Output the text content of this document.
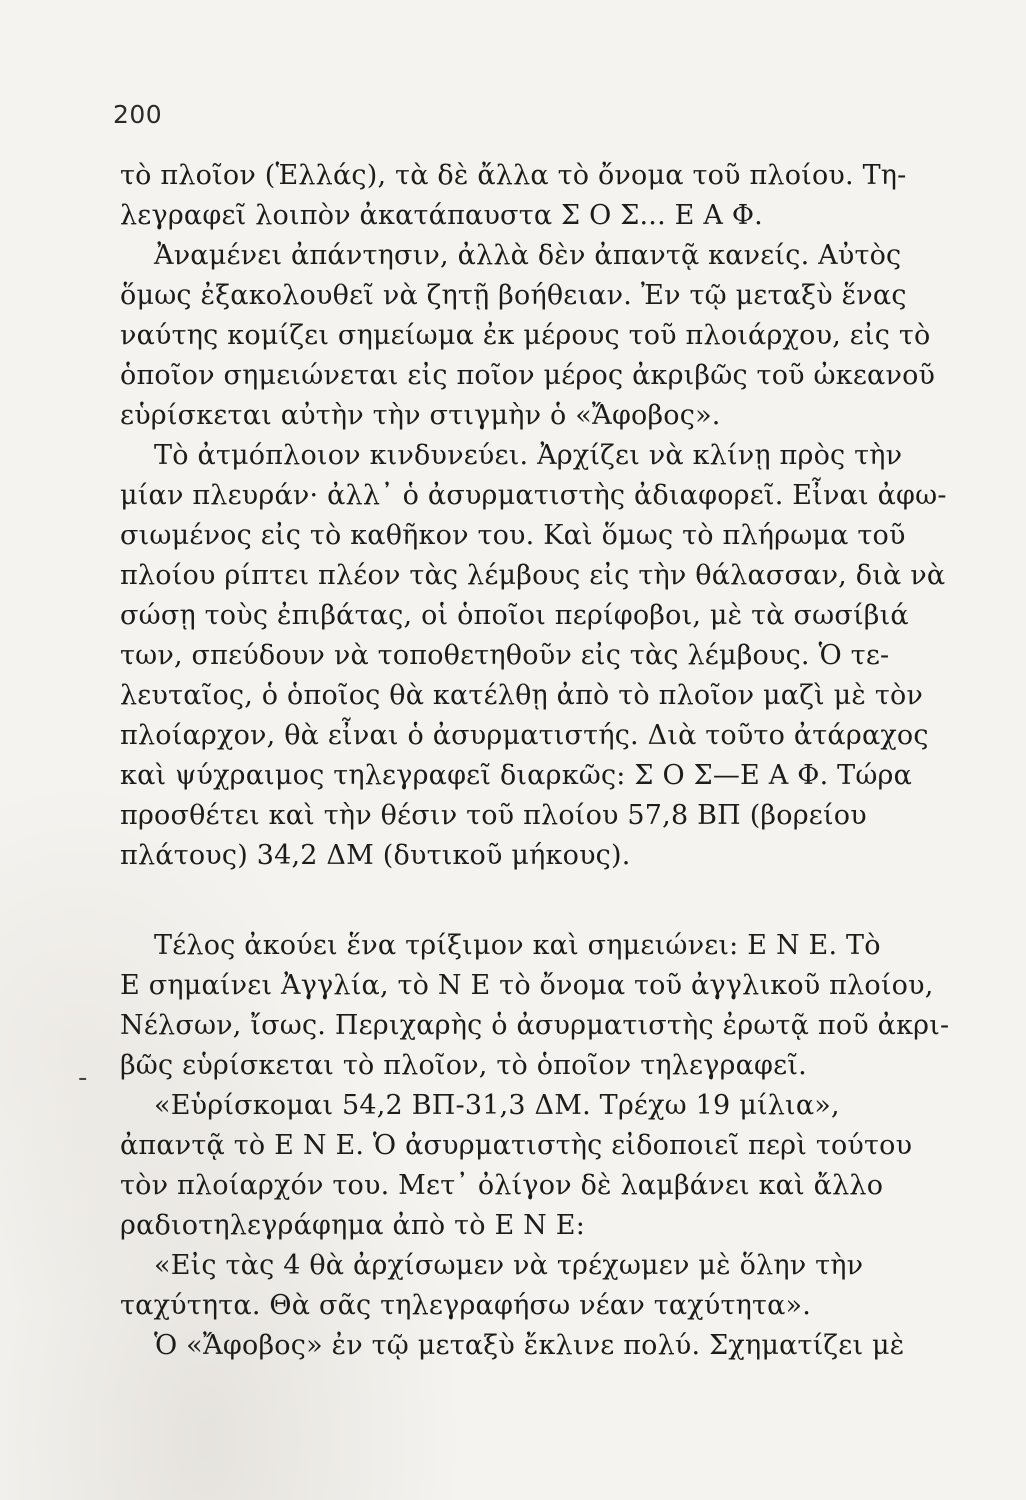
200
-
τὸ πλοῖον (Ἑλλάς), τὰ δὲ ἄλλα τὸ ὄνομα τοῦ πλοίου. Τη-
λεγραφεῖ λοιπὸν ἀκατάπαυστα Σ Ο Σ... Ε Α Φ.
Ἀναμένει ἀπάντησιν, ἀλλὰ δὲν ἀπαντᾷ κανείς. Αὐτὸς
ὅμως ἐξακολουθεῖ νὰ ζητῇ βοήθειαν. Ἐν τῷ μεταξὺ ἕνας
ναύτης κομίζει σημείωμα ἐκ μέρους τοῦ πλοιάρχου, εἰς τὸ
ὁποῖον σημειώνεται εἰς ποῖον μέρος ἀκριβῶς τοῦ ὠκεανοῦ
εὑρίσκεται αὐτὴν τὴν στιγμὴν ὁ «Ἄφοβος».
Τὸ ἀτμόπλοιον κινδυνεύει. Ἀρχίζει νὰ κλίνῃ πρὸς τὴν
μίαν πλευράν· ἀλλ᾿ ὁ ἀσυρματιστὴς ἀδιαφορεῖ. Εἶναι ἀφω-
σιωμένος εἰς τὸ καθῆκον του. Καὶ ὅμως τὸ πλήρωμα τοῦ
πλοίου ρίπτει πλέον τὰς λέμβους εἰς τὴν θάλασσαν, διὰ νὰ
σώσῃ τοὺς ἐπιβάτας, οἱ ὁποῖοι περίφοβοι, μὲ τὰ σωσίβιά
των, σπεύδουν νὰ τοποθετηθοῦν εἰς τὰς λέμβους. Ὁ τε-
λευταῖος, ὁ ὁποῖος θὰ κατέλθῃ ἀπὸ τὸ πλοῖον μαζὶ μὲ τὸν
πλοίαρχον, θὰ εἶναι ὁ ἀσυρματιστής. Διὰ τοῦτο ἀτάραχος
καὶ ψύχραιμος τηλεγραφεῖ διαρκῶς: Σ Ο Σ—Ε Α Φ. Τώρα
προσθέτει καὶ τὴν θέσιν τοῦ πλοίου 57,8 ΒΠ (βορείου
πλάτους) 34,2 ΔΜ (δυτικοῦ μήκους).
Τέλος ἀκούει ἕνα τρίξιμον καὶ σημειώνει: Ε Ν Ε. Τὸ
Ε σημαίνει Ἀγγλία, τὸ Ν Ε τὸ ὄνομα τοῦ ἀγγλικοῦ πλοίου,
Νέλσων, ἴσως. Περιχαρὴς ὁ ἀσυρματιστὴς ἐρωτᾷ ποῦ ἀκρι-
βῶς εὑρίσκεται τὸ πλοῖον, τὸ ὁποῖον τηλεγραφεῖ.
«Εὑρίσκομαι 54,2 ΒΠ-31,3 ΔΜ. Τρέχω 19 μίλια»,
ἀπαντᾷ τὸ Ε Ν Ε. Ὁ ἀσυρματιστὴς εἰδοποιεῖ περὶ τούτου
τὸν πλοίαρχόν του. Μετ᾿ ὀλίγον δὲ λαμβάνει καὶ ἄλλο
ραδιοτηλεγράφημα ἀπὸ τὸ Ε Ν Ε:
«Εἰς τὰς 4 θὰ ἀρχίσωμεν νὰ τρέχωμεν μὲ ὅλην τὴν
ταχύτητα. Θὰ σᾶς τηλεγραφήσω νέαν ταχύτητα».
Ὁ «Ἄφοβος» ἐν τῷ μεταξὺ ἔκλινε πολύ. Σχηματίζει μὲ
